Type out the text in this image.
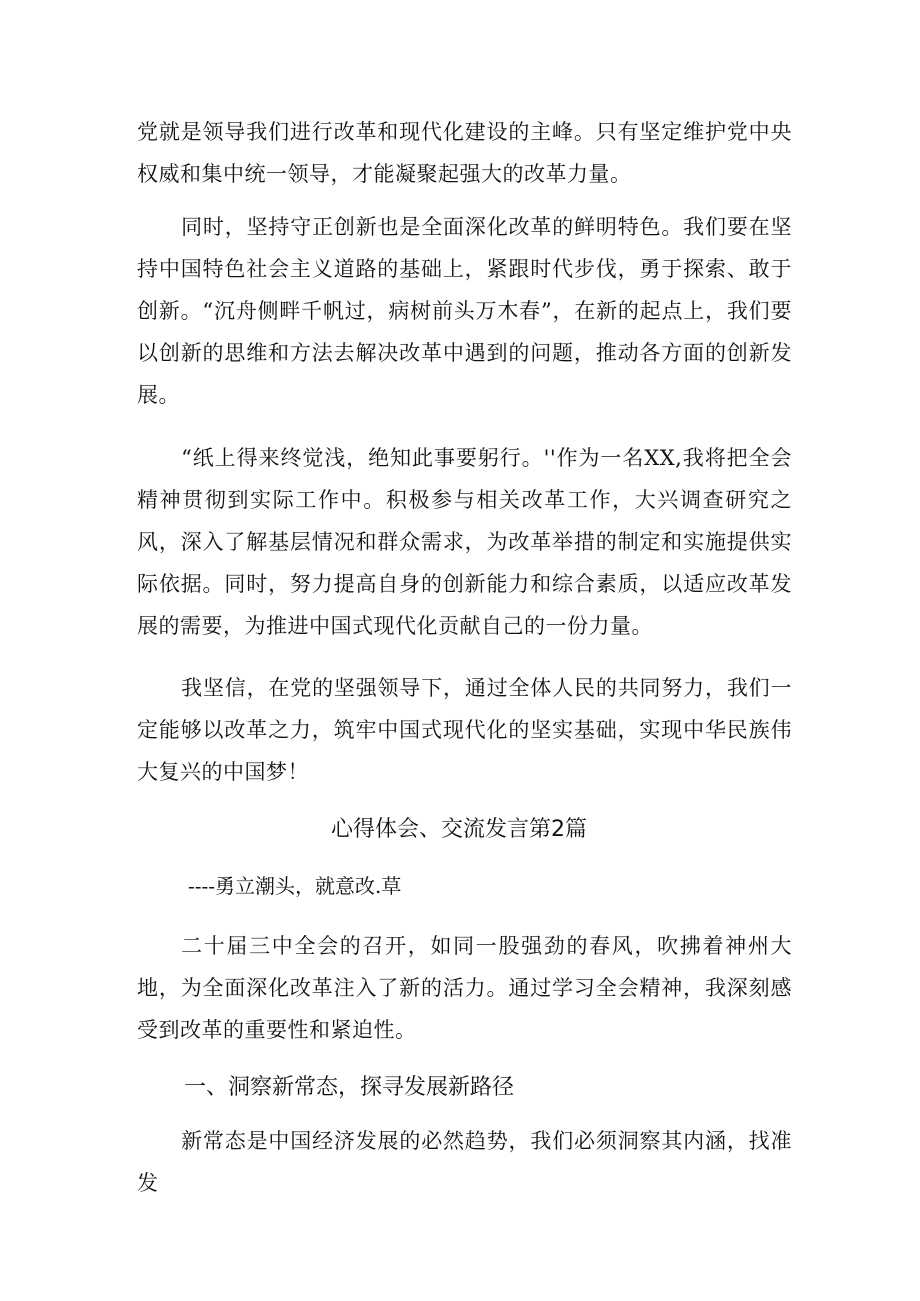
党就是领导我们进行改革和现代化建设的主峰。只有坚定维护党中央权威和集中统一领导，才能凝聚起强大的改革力量。

同时，坚持守正创新也是全面深化改革的鲜明特色。我们要在坚持中国特色社会主义道路的基础上，紧跟时代步伐，勇于探索、敢于创新。“沉舟侧畔千帆过，病树前头万木春”，在新的起点上，我们要以创新的思维和方法去解决改革中遇到的问题，推动各方面的创新发展。

“纸上得来终觉浅，绝知此事要躬行。''作为一名XX,我将把全会精神贯彻到实际工作中。积极参与相关改革工作，大兴调查研究之风，深入了解基层情况和群众需求，为改革举措的制定和实施提供实际依据。同时，努力提高自身的创新能力和综合素质，以适应改革发展的需要，为推进中国式现代化贡献自己的一份力量。

我坚信，在党的坚强领导下，通过全体人民的共同努力，我们一定能够以改革之力，筑牢中国式现代化的坚实基础，实现中华民族伟大复兴的中国梦！

心得体会、交流发言第2篇
----勇立潮头，就意改.草

二十届三中全会的召开，如同一股强劲的春风，吹拂着神州大地，为全面深化改革注入了新的活力。通过学习全会精神，我深刻感受到改革的重要性和紧迫性。

一、洞察新常态，探寻发展新路径

新常态是中国经济发展的必然趋势，我们必须洞察其内涵，找准发
